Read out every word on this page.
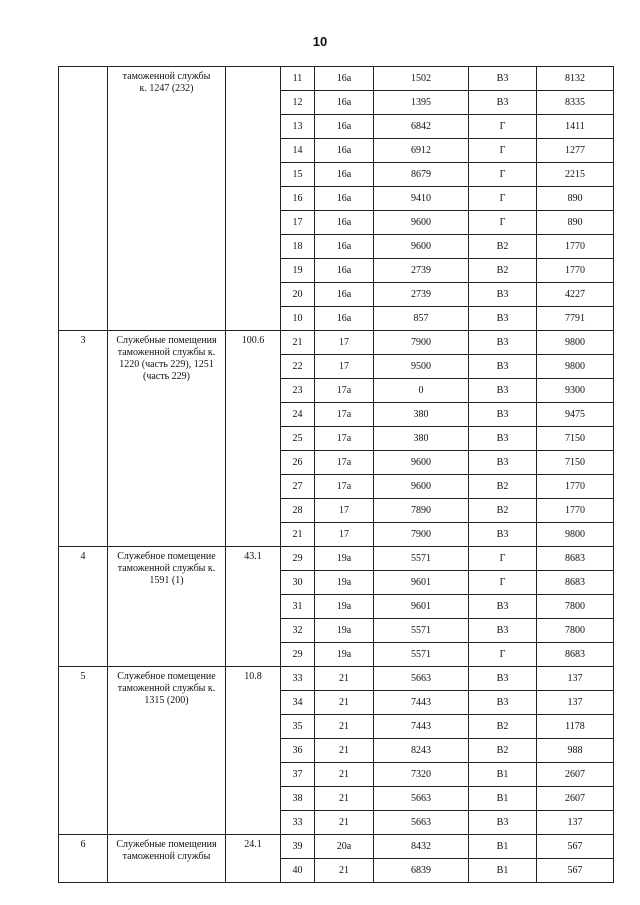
10
	таможенной службы
к. 1247 (232)		11	16а	1502	В3	8132
			12	16а	1395	В3	8335
			13	16а	6842	Г	1411
			14	16а	6912	Г	1277
			15	16а	8679	Г	2215
			16	16а	9410	Г	890
			17	16а	9600	Г	890
			18	16а	9600	В2	1770
			19	16а	2739	В2	1770
			20	16а	2739	В3	4227
			10	16а	857	В3	7791
3	Служебные помещения таможенной службы к. 1220 (часть 229), 1251 (часть 229)	100.6	21	17	7900	В3	9800
			22	17	9500	В3	9800
			23	17а	0	В3	9300
			24	17а	380	В3	9475
			25	17а	380	В3	7150
			26	17а	9600	В3	7150
			27	17а	9600	В2	1770
			28	17	7890	В2	1770
			21	17	7900	В3	9800
4	Служебное помещение таможенной службы к. 1591 (1)	43.1	29	19а	5571	Г	8683
			30	19а	9601	Г	8683
			31	19а	9601	В3	7800
			32	19а	5571	В3	7800
			29	19а	5571	Г	8683
5	Служебное помещение таможенной службы к. 1315 (200)	10.8	33	21	5663	В3	137
			34	21	7443	В3	137
			35	21	7443	В2	1178
			36	21	8243	В2	988
			37	21	7320	В1	2607
			38	21	5663	В1	2607
			33	21	5663	В3	137
6	Служебные помещения таможенной службы	24.1	39	20а	8432	В1	567
			40	21	6839	В1	567
